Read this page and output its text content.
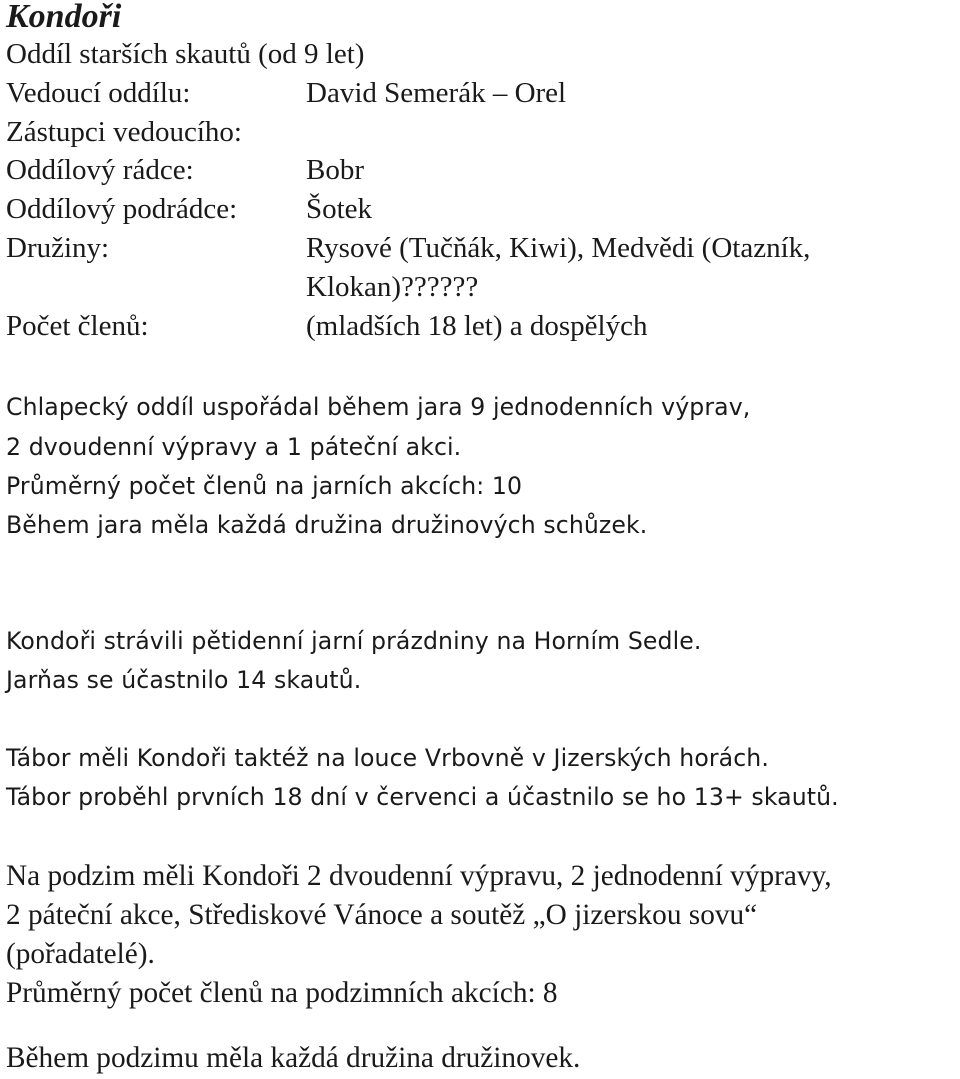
Kondoři
Oddíl starších skautů (od 9 let)
Vedoucí oddílu:	David Semerák – Orel
Zástupci vedoucího:
Oddílový rádce:	Bobr
Oddílový podrádce: Šotek
Družiny:	Rysové (Tučňák, Kiwi), Medvědi (Otazník,
Klokan)??????
Počet členů:	(mladších 18 let) a dospělých
Chlapecký oddíl uspořádal během jara 9 jednodenních výprav,
2 dvoudenní výpravy a 1 páteční akci.
Průměrný počet členů na jarních akcích: 10
Během jara měla každá družina družinových schůzek.
Kondoři strávili pětidenní jarní prázdniny na Horním Sedle.
Jarňas se účastnilo 14 skautů.
Tábor měli Kondoři taktéž na louce Vrbovně v Jizerských horách.
Tábor proběhl prvních 18 dní v červenci a účastnilo se ho 13+ skautů.
Na podzim měli Kondoři 2 dvoudenní výpravu, 2 jednodenní výpravy,
2 páteční akce, Střediskové Vánoce a soutěž „O jizerskou sovu“
(pořadatelé).
Průměrný počet členů na podzimních akcích: 8
Během podzimu měla každá družina družinovek.
